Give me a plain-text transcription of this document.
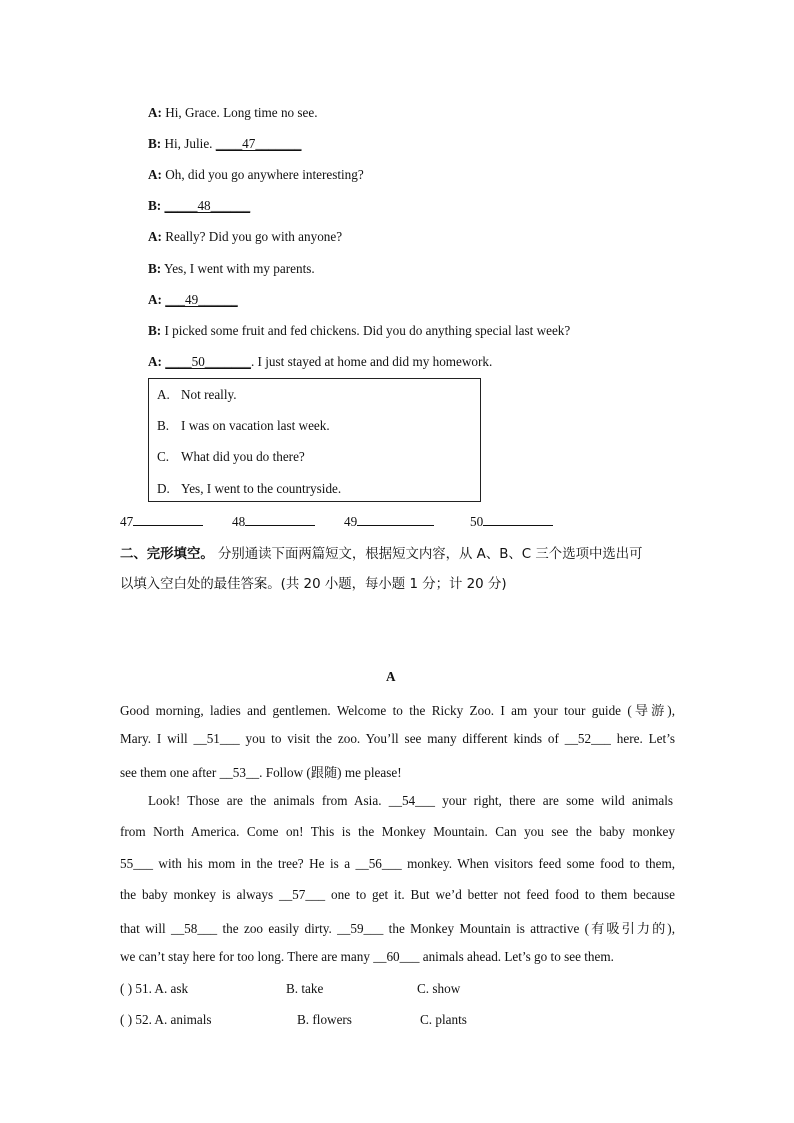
A: Hi, Grace. Long time no see.
B: Hi, Julie. ____47_______
A: Oh, did you go anywhere interesting?
B: _____48______
A: Really? Did you go with anyone?
B: Yes, I went with my parents.
A: ___49______
B: I picked some fruit and fed chickens. Did you do anything special last week?
A: ____50_______. I just stayed at home and did my homework.
A. Not really.
B. I was on vacation last week.
C. What did you do there?
D. Yes, I went to the countryside.
47	48	49	50
二、完形填空。 分别通读下面两篇短文，根据短文内容，从 A、B、C 三个选项中选出可
以填入空白处的最佳答案。(共 20 小题，每小题 1 分；计 20 分)
A
Good morning, ladies and gentlemen. Welcome to the Ricky Zoo. I am your tour guide (导游),
Mary. I will __51___ you to visit the zoo. You’ll see many different kinds of __52___ here. Let’s
see them one after __53__. Follow (跟随) me please!
Look! Those are the animals from Asia. __54___ your right, there are some wild animals
from North America. Come on! This is the Monkey Mountain. Can you see the baby monkey
55___ with his mom in the tree? He is a __56___ monkey. When visitors feed some food to them,
the baby monkey is always __57___ one to get it. But we’d better not feed food to them because
that will __58___ the zoo easily dirty. __59___ the Monkey Mountain is attractive (有吸引力的),
we can’t stay here for too long. There are many __60___ animals ahead. Let’s go to see them.
( ) 51. A. ask	B. take	C. show
( ) 52. A. animals	B. flowers	C. plants
